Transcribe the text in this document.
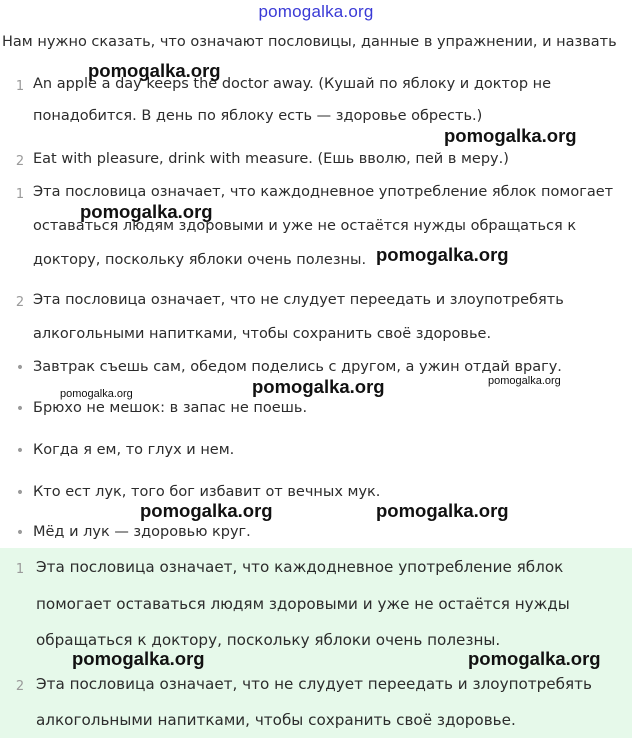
pomogalka.org
Нам нужно сказать, что означают пословицы, данные в упражнении, и назвать
1 An apple a day keeps the doctor away. (Кушай по яблоку и доктор не
понадобится. В день по яблоку есть — здоровье обресть.)
2 Eat with pleasure, drink with measure. (Ешь вволю, пей в меру.)
1 Эта пословица означает, что каждодневное употребление яблок помогает
оставаться людям здоровыми и уже не остаётся нужды обращаться к
доктору, поскольку яблоки очень полезны.
2 Эта пословица означает, что не слудует переедать и злоупотребять
алкогольными напитками, чтобы сохранить своё здоровье.
• Завтрак съешь сам, обедом поделись с другом, а ужин отдай врагу.
• Брюхо не мешок: в запас не поешь.
• Когда я ем, то глух и нем.
• Кто ест лук, того бог избавит от вечных мук.
• Мёд и лук — здоровью круг.
1 Эта пословица означает, что каждодневное употребление яблок
помогает оставаться людям здоровыми и уже не остаётся нужды
обращаться к доктору, поскольку яблоки очень полезны.
2 Эта пословица означает, что не слудует переедать и злоупотребять
алкогольными напитками, чтобы сохранить своё здоровье.
pomogalka.org
pomogalka.org
pomogalka.org
pomogalka.org
pomogalka.org	pomogalka.org	pomogalka.org
pomogalka.org	pomogalka.org
pomogalka.org	pomogalka.org
